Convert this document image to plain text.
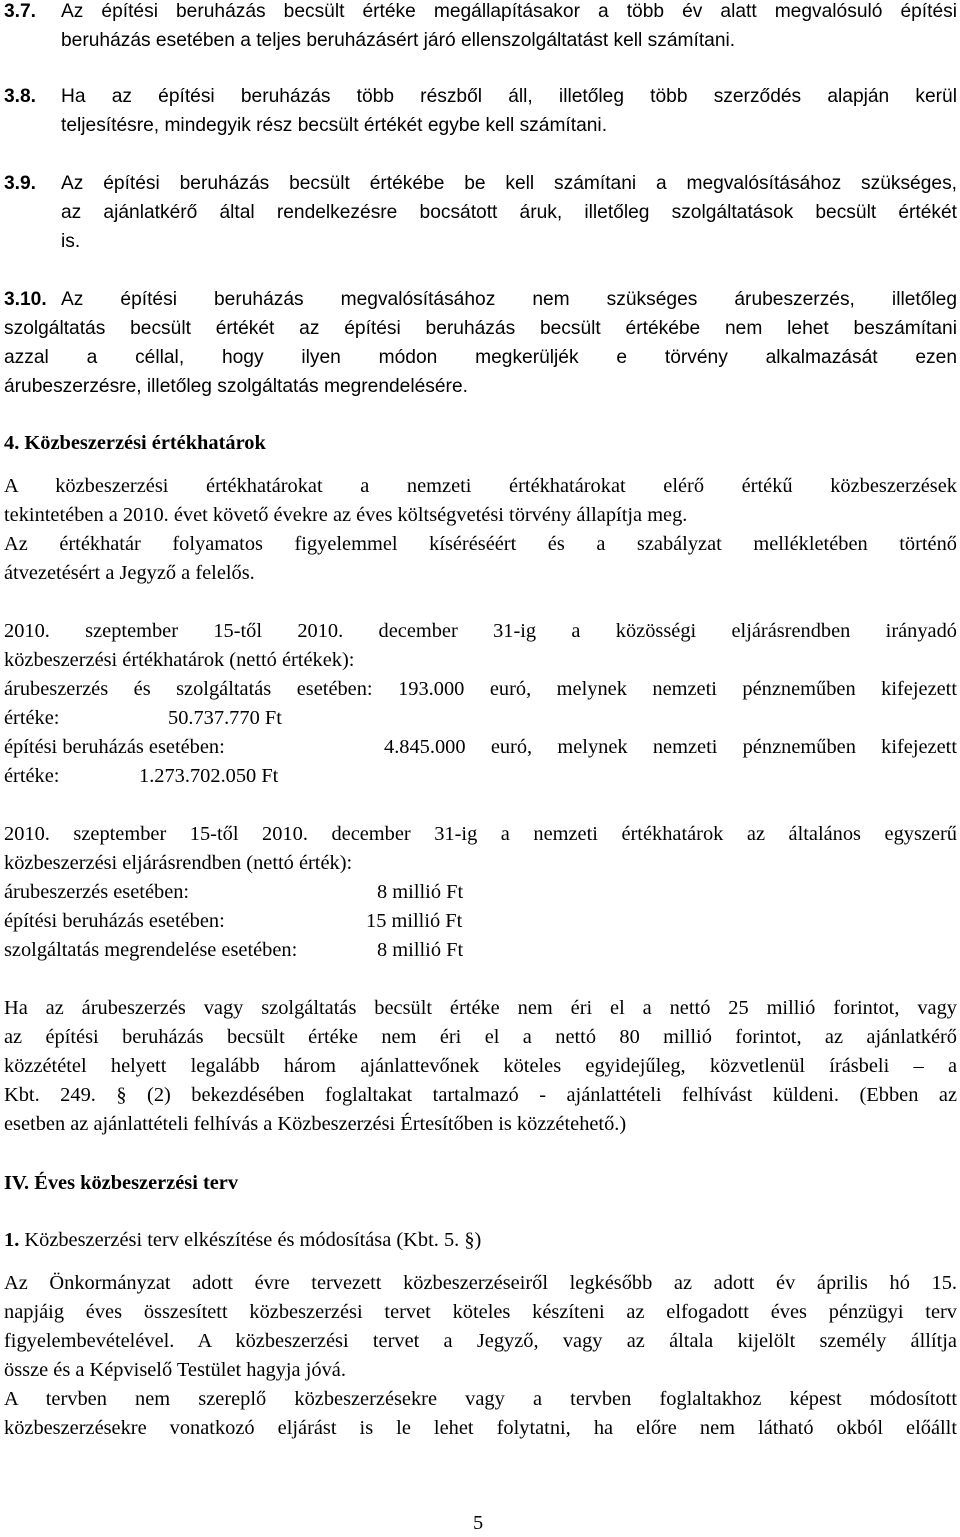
3.7. Az építési beruházás becsült értéke megállapításakor a több év alatt megvalósuló építési
beruházás esetében a teljes beruházásért járó ellenszolgáltatást kell számítani.
3.8. Ha az építési beruházás több részből áll, illetőleg több szerződés alapján kerül
teljesítésre, mindegyik rész becsült értékét egybe kell számítani.
3.9. Az építési beruházás becsült értékébe be kell számítani a megvalósításához szükséges,
az ajánlatkérő által rendelkezésre bocsátott áruk, illetőleg szolgáltatások becsült értékét
is.
3.10. Az építési beruházás megvalósításához nem szükséges árubeszerzés, illetőleg
szolgáltatás becsült értékét az építési beruházás becsült értékébe nem lehet beszámítani
azzal a céllal, hogy ilyen módon megkerüljék e törvény alkalmazását ezen
árubeszerzésre, illetőleg szolgáltatás megrendelésére.
4. Közbeszerzési értékhatárok
A közbeszerzési értékhatárokat a nemzeti értékhatárokat elérő értékű közbeszerzések
tekintetében a 2010. évet követő évekre az éves költségvetési törvény állapítja meg.
Az értékhatár folyamatos figyelemmel kíséréséért és a szabályzat mellékletében történő
átvezetésért a Jegyző a felelős.
2010. szeptember 15-től 2010. december 31-ig a közösségi eljárásrendben irányadó
közbeszerzési értékhatárok (nettó értékek):
árubeszerzés és szolgáltatás esetében: 193.000 euró, melynek nemzeti pénzneműben kifejezett
értéke:	50.737.770 Ft
építési beruházás esetében:	4.845.000 euró, melynek nemzeti pénzneműben kifejezett
értéke:	1.273.702.050 Ft
2010. szeptember 15-től 2010. december 31-ig a nemzeti értékhatárok az általános egyszerű
közbeszerzési eljárásrendben (nettó érték):
árubeszerzés esetében:	8 millió Ft
építési beruházás esetében:	15 millió Ft
szolgáltatás megrendelése esetében:	8 millió Ft
Ha az árubeszerzés vagy szolgáltatás becsült értéke nem éri el a nettó 25 millió forintot, vagy
az építési beruházás becsült értéke nem éri el a nettó 80 millió forintot, az ajánlatkérő
közzététel helyett legalább három ajánlattevőnek köteles egyidejűleg, közvetlenül írásbeli – a
Kbt. 249. § (2) bekezdésében foglaltakat tartalmazó - ajánlattételi felhívást küldeni. (Ebben az
esetben az ajánlattételi felhívás a Közbeszerzési Értesítőben is közzétehető.)
IV. Éves közbeszerzési terv
1. Közbeszerzési terv elkészítése és módosítása (Kbt. 5. §)
Az Önkormányzat adott évre tervezett közbeszerzéseiről legkésőbb az adott év április hó 15.
napjáig éves összesített közbeszerzési tervet köteles készíteni az elfogadott éves pénzügyi terv
figyelembevételével. A közbeszerzési tervet a Jegyző, vagy az általa kijelölt személy állítja
össze és a Képviselő Testület hagyja jóvá.
A tervben nem szereplő közbeszerzésekre vagy a tervben foglaltakhoz képest módosított
közbeszerzésekre vonatkozó eljárást is le lehet folytatni, ha előre nem látható okból előállt
5
